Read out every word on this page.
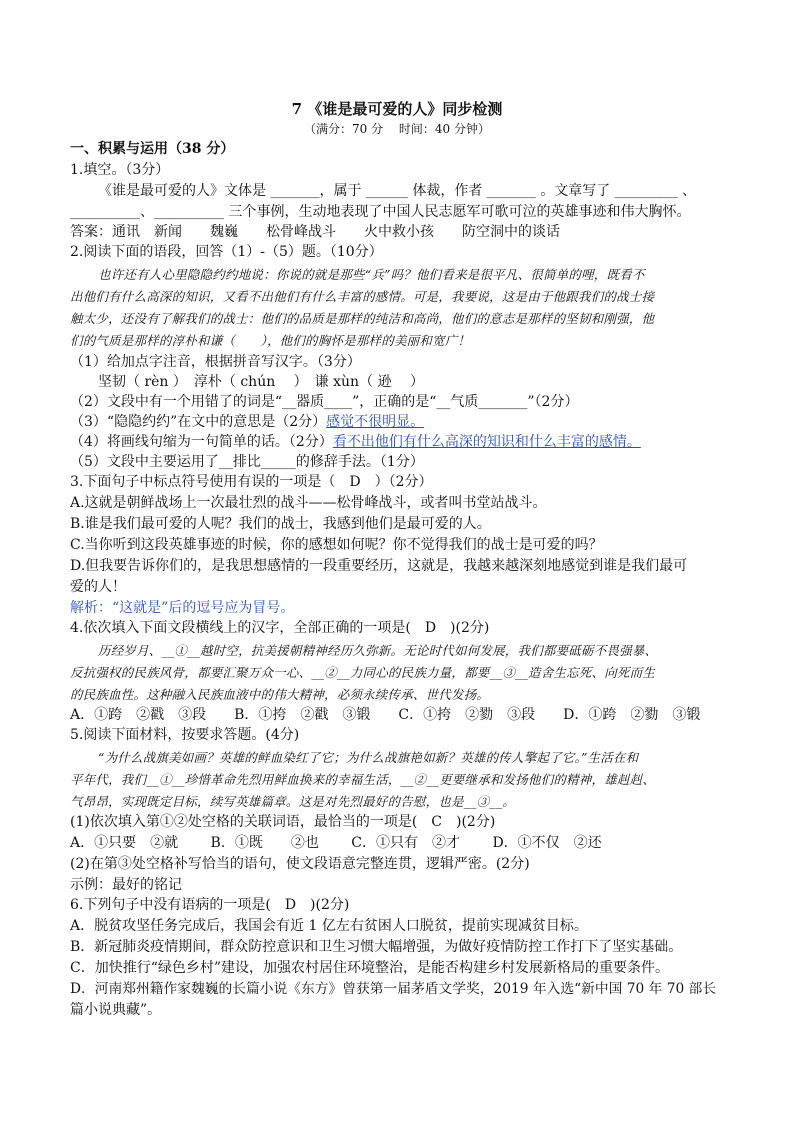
7 《谁是最可爱的人》同步检测
（满分：70 分　 时间：40 分钟）
一、积累与运用（38 分）
1.填空。（3分）
《谁是最可爱的人》文体是 _______，属于 ______ 体裁，作者 _______ 。文章写了 _________ 、
__________、__________ 三个事例，生动地表现了中国人民志愿军可歌可泣的英雄事迹和伟大胸怀。
答案：通讯　新闻　　魏巍　　松骨峰战斗　　火中救小孩　　防空洞中的谈话
2.阅读下面的语段，回答（1）-（5）题。（10分）
也许还有人心里隐隐约约地说：你说的就是那些“兵”吗？他们看来是很平凡、很简单的哩，既看不
出他们有什么高深的知识，又看不出他们有什么丰富的感情。可是，我要说，这是由于他跟我们的战士接
触太少，还没有了解我们的战士：他们的品质是那样的纯洁和高尚，他们的意志是那样的坚韧和刚强，他
们的气质是那样的淳朴和谦（　　），他们的胸怀是那样的美丽和宽广！
（1）给加点字注音，根据拼音写汉字。（3分）
坚韧（ rèn ）　淳朴（ chún　 ）　谦 xùn（ 逊　 ）
（2）文段中有一个用错了的词是“__器质____”，正确的是“__气质_______”（2分）
（3）“隐隐约约”在文中的意思是（2分）感觉不很明显。
（4）将画线句缩为一句简单的话。（2分）看不出他们有什么高深的知识和什么丰富的感情。
（5）文段中主要运用了__排比_____的修辞手法。（1分）
3.下面句子中标点符号使用有误的一项是（　D　）（2分）
A.这就是朝鲜战场上一次最壮烈的战斗——松骨峰战斗，或者叫书堂站战斗。
B.谁是我们最可爱的人呢？我们的战士，我感到他们是最可爱的人。
C.当你听到这段英雄事迹的时候，你的感想如何呢？你不觉得我们的战士是可爱的吗？
D.但我要告诉你们的，是我思想感情的一段重要经历，这就是，我越来越深刻地感觉到谁是我们最可
爱的人！
解析：“这就是”后的逗号应为冒号。
4.依次填入下面文段横线上的汉字，全部正确的一项是(　D　)(2分)
历经岁月、__①__越时空，抗美援朝精神经历久弥新。无论时代如何发展，我们都要砥砺不畏强暴、
反抗强权的民族风骨，都要汇聚万众一心、__②__力同心的民族力量，都要__③__造舍生忘死、向死而生
的民族血性。这种融入民族血液中的伟大精神，必须永续传承、世代发扬。
A．①跨　②戳　③段　　B．①挎　②戳　③锻　　C．①挎　②勠　③段　　D．①跨　②勠　③锻
5.阅读下面材料，按要求答题。(4分)
“为什么战旗美如画？英雄的鲜血染红了它；为什么战旗艳如新？英雄的传人擎起了它。”生活在和
平年代，我们__①__珍惜革命先烈用鲜血换来的幸福生活，__②__更要继承和发扬他们的精神，雄赳赳、
气昂昂，实现既定目标，续写英雄篇章。这是对先烈最好的告慰，也是__③__。
(1)依次填入第①②处空格的关联词语，最恰当的一项是(　C　)(2分)
A．①只要　②就　　 B．①既　　②也　　 C．①只有　②才　　 D．①不仅　②还
(2)在第③处空格补写恰当的语句，使文段语意完整连贯，逻辑严密。(2分)
示例：最好的铭记
6.下列句子中没有语病的一项是(　D　)(2分)
A．脱贫攻坚任务完成后，我国会有近 1 亿左右贫困人口脱贫，提前实现减贫目标。
B．新冠肺炎疫情期间，群众防控意识和卫生习惯大幅增强，为做好疫情防控工作打下了坚实基础。
C．加快推行“绿色乡村”建设，加强农村居住环境整治，是能否构建乡村发展新格局的重要条件。
D．河南郑州籍作家魏巍的长篇小说《东方》曾获第一届茅盾文学奖，2019 年入选“新中国 70 年 70 部长
篇小说典藏”。
